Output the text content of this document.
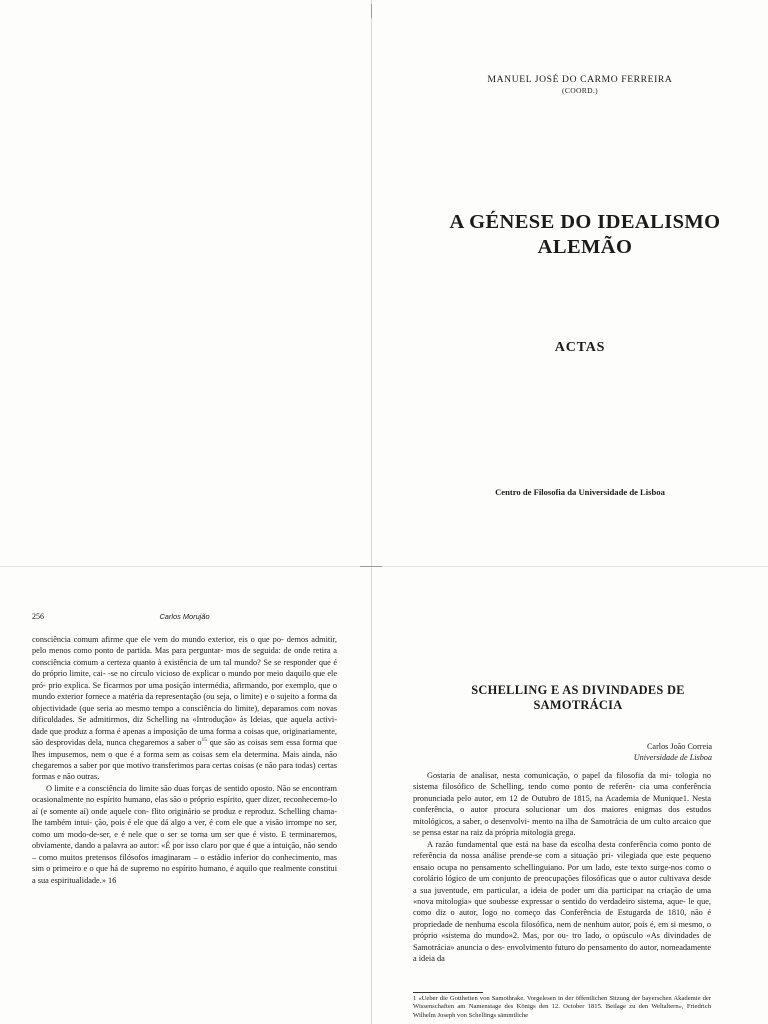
MANUEL JOSÉ DO CARMO FERREIRA
(COORD.)
A GÉNESE DO IDEALISMO
ALEMÃO
ACTAS
Centro de Filosofia da Universidade de Lisboa
256	Carlos Morujão

consciência comum afirme que ele vem do mundo exterior, eis o que po- demos admitir, pelo menos como ponto de partida. Mas para perguntar- mos de seguida: de onde retira a consciência comum a certeza quanto à existência de um tal mundo? Se se responder que é do próprio limite, cai- -se no círculo vicioso de explicar o mundo por meio daquilo que ele pró- prio explica. Se ficarmos por uma posição intermédia, afirmando, por exemplo, que o mundo exterior fornece a matéria da representação (ou seja, o limite) e o sujeito a forma da objectividade (que seria ao mesmo tempo a consciência do limite), deparamos com novas dificuldades. Se admitirmos, diz Schelling na «Introdução» às Ideias, que aquela activi- dade que produz a forma é apenas a imposição de uma forma a coisas que, originariamente, são desprovidas dela, nunca chegaremos a saber $o^{15}$ que são as coisas sem essa forma que lhes impusemos, nem o que é a forma sem as coisas sem ela determina. Mais ainda, não chegaremos a saber por que motivo transferimos para certas coisas (e não para todas) certas formas e não outras.

O limite e a consciência do limite são duas forças de sentido oposto. Não se encontram ocasionalmente no espírito humano, elas são o próprio espírito, quer dizer, reconhecemo-lo aí (e somente aí) onde aquele con- flito originário se produz e reproduz. Schelling chama-lhe também intui- ção, pois é ele que dá algo a ver, é com ele que a visão irrompe no ser, como um modo-de-ser, e é nele que o ser se torna um ser que é visto. E terminaremos, obviamente, dando a palavra ao autor: «É por isso claro por que é que a intuição, não sendo – como muitos pretensos filósofos imaginaram – o estádio inferior do conhecimento, mas sim o primeiro e o que há de supremo no espírito humano, é aquilo que realmente constitui a sua espiritualidade.» 16

SCHELLING E AS DIVINDADES DE
SAMOTRÁCIA
Carlos João Correia
Universidade de Lisboa

Gostaria de analisar, nesta comunicação, o papel da filosofia da mi- tologia no sistema filosófico de Schelling, tendo como ponto de referên- cia uma conferência pronunciada pelo autor, em 12 de Outubro de 1815, na Academia de Munique1. Nesta conferência, o autor procura solucionar um dos maiores enigmas dos estudos mitológicos, a saber, o desenvolvi- mento na ilha de Samotrácia de um culto arcaico que se pensa estar na raiz da própria mitologia grega.

A razão fundamental que está na base da escolha desta conferência como ponto de referência da nossa análise prende-se com a situação pri- vilegiada que este pequeno ensaio ocupa no pensamento schellinguiano. Por um lado, este texto surge-nos como o corolário lógico de um conjunto de preocupações filosóficas que o autor cultivava desde a sua juventude, em particular, a ideia de poder um dia participar na criação de uma «nova mitologia» que soubesse expressar o sentido do verdadeiro sistema, aque- le que, como diz o autor, logo no começo das Conferência de Estugarda de 1810, não é propriedade de nenhuma escola filosófica, nem de nenhum autor, pois é, em si mesmo, o próprio «sistema do mundo»2. Mas, por ou- tro lado, o opúsculo «As divindades de Samotrácia» anuncia o des- envolvimento futuro do pensamento do autor, nomeadamente a ideia da

1 «Ueber die Gottheiten von Samothrake. Vorgelesen in der öffentlichen Sitzung der bayerschen Akademie der Wissenschaften am Namenstage des Königs den 12. October 1815. Beilage zu den Weltaltern», Friedrich Wilhelm Joseph von Schellings sämmtliche
